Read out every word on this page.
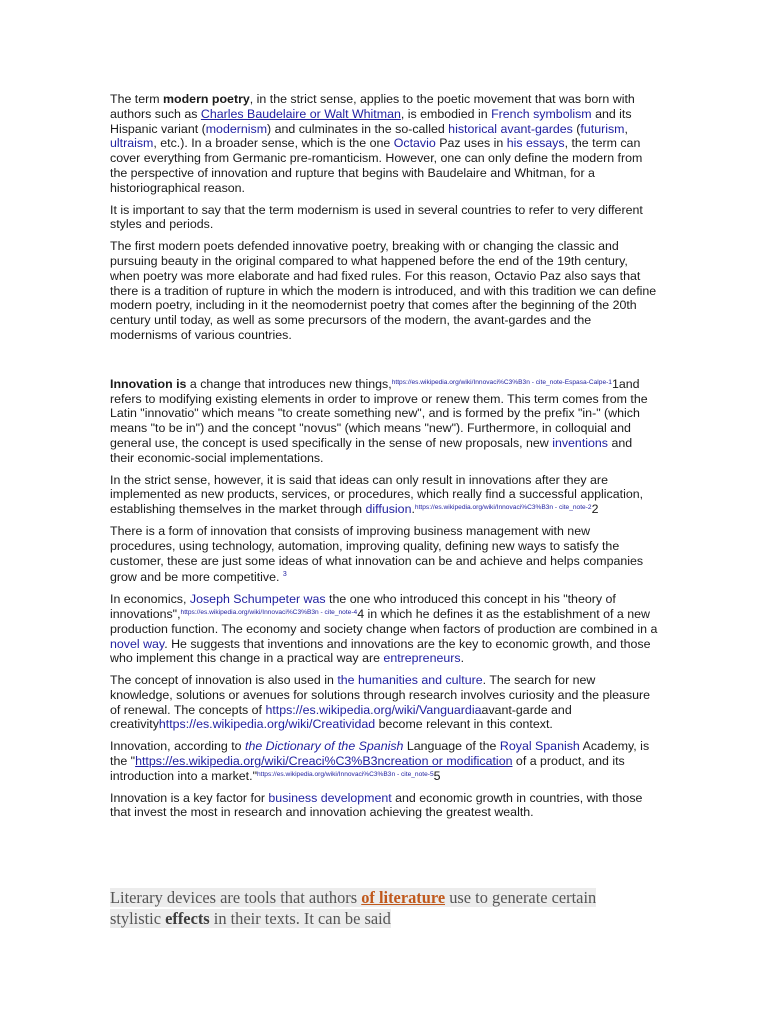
The term modern poetry, in the strict sense, applies to the poetic movement that was born with authors such as Charles Baudelaire or Walt Whitman, is embodied in French symbolism and its Hispanic variant (modernism) and culminates in the so-called historical avant-gardes (futurism, ultraism, etc.). In a broader sense, which is the one Octavio Paz uses in his essays, the term can cover everything from Germanic pre-romanticism. However, one can only define the modern from the perspective of innovation and rupture that begins with Baudelaire and Whitman, for a historiographical reason.

It is important to say that the term modernism is used in several countries to refer to very different styles and periods.

The first modern poets defended innovative poetry, breaking with or changing the classic and pursuing beauty in the original compared to what happened before the end of the 19th century, when poetry was more elaborate and had fixed rules. For this reason, Octavio Paz also says that there is a tradition of rupture in which the modern is introduced, and with this tradition we can define modern poetry, including in it the neomodernist poetry that comes after the beginning of the 20th century until today, as well as some precursors of the modern, the avant-gardes and the modernisms of various countries.

Innovation is a change that introduces new things,$^{https://es.wikipedia.org/wiki/Innovaci\%C3\%B3n - cite\_note-Espasa-Calpe-1}$1and refers to modifying existing elements in order to improve or renew them. This term comes from the Latin "innovatio" which means "to create something new", and is formed by the prefix "in-" (which means "to be in") and the concept "novus" (which means "new"). Furthermore, in colloquial and general use, the concept is used specifically in the sense of new proposals, new inventions and their economic-social implementations.

In the strict sense, however, it is said that ideas can only result in innovations after they are implemented as new products, services, or procedures, which really find a successful application, establishing themselves in the market through diffusion.$^{https://es.wikipedia.org/wiki/Innovaci\%C3\%B3n - cite\_note-2}$2

There is a form of innovation that consists of improving business management with new procedures, using technology, automation, improving quality, defining new ways to satisfy the customer, these are just some ideas of what innovation can be and achieve and helps companies grow and be more competitive. $^3$

In economics, Joseph Schumpeter was the one who introduced this concept in his "theory of innovations",$^{https://es.wikipedia.org/wiki/Innovaci\%C3\%B3n - cite\_note-4}$4 in which he defines it as the establishment of a new production function. The economy and society change when factors of production are combined in a novel way. He suggests that inventions and innovations are the key to economic growth, and those who implement this change in a practical way are entrepreneurs.

The concept of innovation is also used in the humanities and culture. The search for new knowledge, solutions or avenues for solutions through research involves curiosity and the pleasure of renewal. The concepts of https://es.wikipedia.org/wiki/Vanguardiaavant-garde and creativityhttps://es.wikipedia.org/wiki/Creatividad become relevant in this context.

Innovation, according to the Dictionary of the Spanish Language of the Royal Spanish Academy, is the "https://es.wikipedia.org/wiki/Creaci%C3%B3ncreation or modification of a product, and its introduction into a market."$^{https://es.wikipedia.org/wiki/Innovaci\%C3\%B3n - cite\_note-5}$5

Innovation is a key factor for business development and economic growth in countries, with those that invest the most in research and innovation achieving the greatest wealth.

Literary devices are tools that authors of literature use to generate certain stylistic effects in their texts. It can be said
